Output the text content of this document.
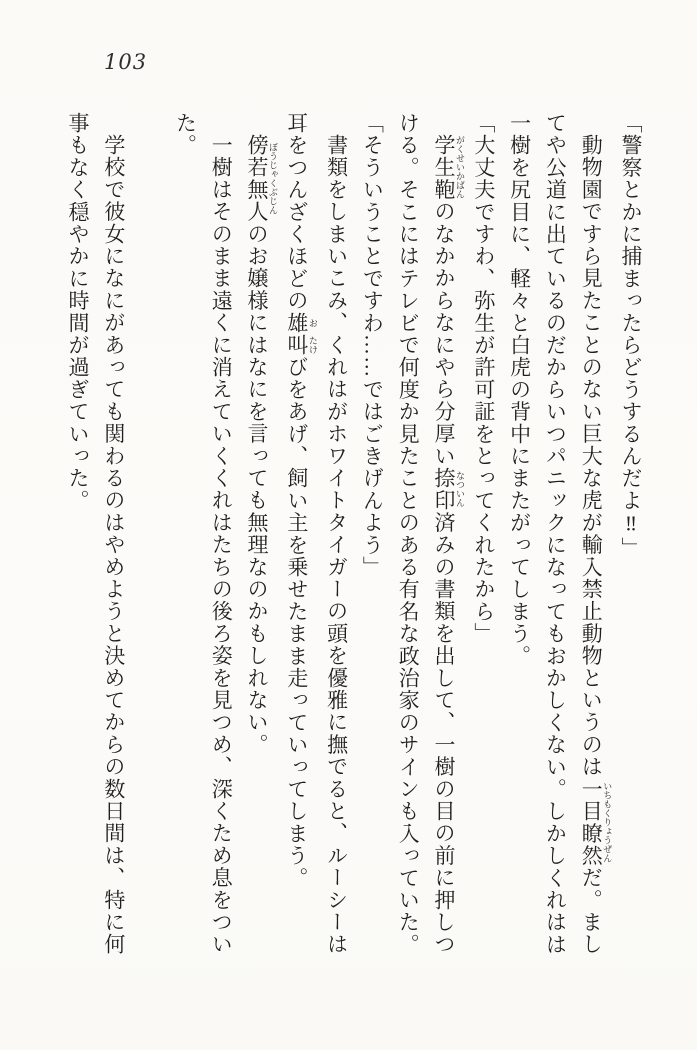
103

「警察とかに捕まったらどうするんだよ‼」

動物園ですら見たことのない巨大な虎が輸入禁止動物というのは一目瞭然 いちもくりょうぜんだ。まし

てや公道に出ているのだからいつパニックになってもおかしくない。しかしくれはは

一樹を尻目に、軽々と白虎の背中にまたがってしまう。

「大丈夫ですわ、弥生が許可証をとってくれたから」

学生鞄 がくせいかばんのなかからなにやら分厚い捺印 なついん済みの書類を出して、一樹の目の前に押しつ

ける。そこにはテレビで何度か見たことのある有名な政治家のサインも入っていた。

「そういうことですわ……ではごきげんよう」

書類をしまいこみ、くれはがホワイトタイガーの頭を優雅に撫でると、ルーシーは

耳をつんざくほどの雄 お叫 たけびをあげ、飼い主を乗せたまま走っていってしまう。

傍若無人 ぼうじゃくぶじんのお嬢様にはなにを言っても無理なのかもしれない。

一樹はそのまま遠くに消えていくくれはたちの後ろ姿を見つめ、深くため息をつい

た。

学校で彼女になにがあっても関わるのはやめようと決めてからの数日間は、特に何

事もなく穏やかに時間が過ぎていった。
